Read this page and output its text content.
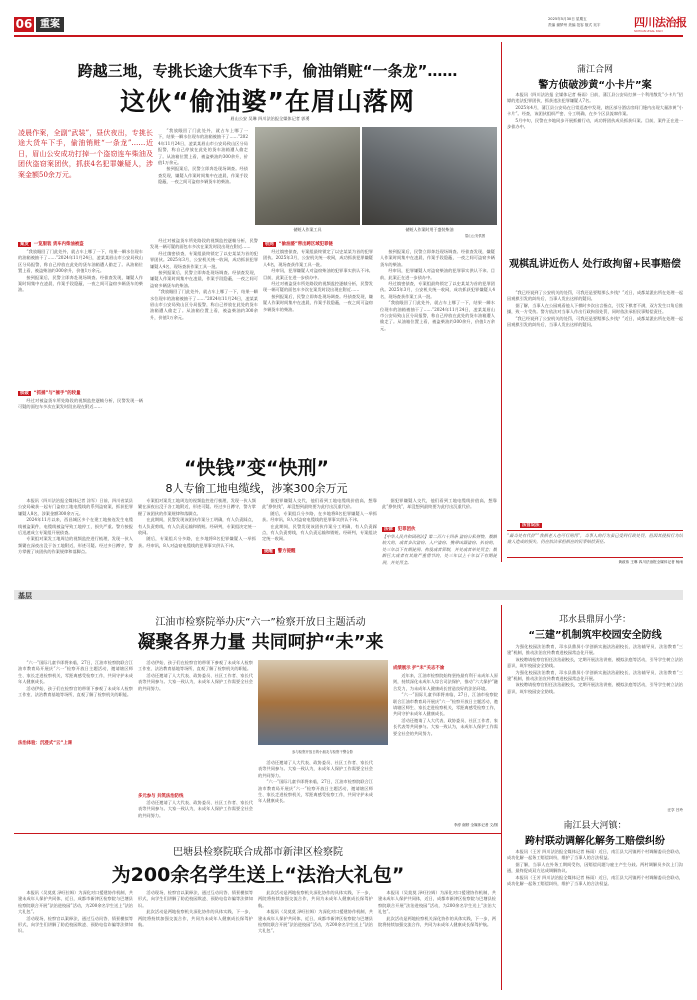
06 重案	2025年5月30日 星期五
责编 谢梦州 美编 范容 版式 吴宇	四川法治报
SICHUAN LEGAL DAILY
跨越三地，专挑长途大货车下手，偷油销赃“一条龙”……
这伙“偷油婆”在眉山落网
眉山公安 吴琳 四川法治报全媒体记者 郭勇
凌晨作案，全副“武装”，昼伏夜出，专挑长途大货车下手，偷油销赃“一条龙”……近日，眉山公安成功打掉一个盗窃连车柴油及团伙盗窃案团伙，抓获4名犯罪嫌疑人，涉案金额50余万元。

“我放眼回了门此处外，就占车上哪了一下，结果一瞬水位现车的油箱被抽干了……”2024年11月24日，凌某某眉山市公安局致山区分局报警，称自己停放在此处的货车油箱遭人偷走了。从油箱位置上看，被盗柴油约300余升，价值1万余元。

接到报案后，民警立即奔赴现场调查。经侦查发现，嫌疑人作案时间集中在凌晨，作案手段隐蔽，一夜之间可盗窃多辆货车的柴油。

储赃人作案工具	储赃人作案时用于盛装柴油
眉山公安供图
案发 一览服装 货车内柴油被盗

“我放眼回了门此处外，就占车上哪了一下，结果一瞬水位现车的油箱被抽干了……”2024年11月24日，凌某某眉山市公安局致山区分局报警，称自己停放在此处的货车油箱遭人偷走了。从油箱位置上看，被盗柴油约300余升，价值1万余元。

接到报案后，民警立即奔赴现场调查。经侦查发现，嫌疑人作案时间集中在凌晨，作案手段隐蔽，一夜之间可盗窃多辆货车的柴油。

侦破 “抓捕”与“摧手”的较量

经过对被盗货车所处路段的视频监控逐帧分析，民警发现一辆可疑的面包车多次在案发时段出现在附近……

经过对被盗货车所处路段的视频监控逐帧分析，民警发现一辆可疑的面包车多次在案发时段出现在附近……

经过缜密侦查，专案组最终锁定了以史某某为首的犯罪团伙。2025年3月，公安机关统一收网，成功抓获犯罪嫌疑人4名，现场查获作案工具一批。

接到报案后，民警立即奔赴现场调查。经侦查发现，嫌疑人作案时间集中在凌晨，作案手段隐蔽，一夜之间可盗窃多辆货车的柴油。

“我放眼回了门此处外，就占车上哪了一下，结果一瞬水位现车的油箱被抽干了……”2024年11月24日，凌某某眉山市公安局致山区分局报警，称自己停放在此处的货车油箱遭人偷走了。从油箱位置上看，被盗柴油约300余升，价值1万余元。

收网 “偷油婆”带出跨区域犯罪链

经过缜密侦查，专案组最终锁定了以史某某为首的犯罪团伙。2025年3月，公安机关统一收网，成功抓获犯罪嫌疑人4名，现场查获作案工具一批。

经审讯，犯罪嫌疑人对盗窃柴油的犯罪事实供认不讳。目前，此案正在进一步侦办中。

经过对被盗货车所处路段的视频监控逐帧分析，民警发现一辆可疑的面包车多次在案发时段出现在附近……

接到报案后，民警立即奔赴现场调查。经侦查发现，嫌疑人作案时间集中在凌晨，作案手段隐蔽，一夜之间可盗窃多辆货车的柴油。

接到报案后，民警立即奔赴现场调查。经侦查发现，嫌疑人作案时间集中在凌晨，作案手段隐蔽，一夜之间可盗窃多辆货车的柴油。

经审讯，犯罪嫌疑人对盗窃柴油的犯罪事实供认不讳。目前，此案正在进一步侦办中。

经过缜密侦查，专案组最终锁定了以史某某为首的犯罪团伙。2025年3月，公安机关统一收网，成功抓获犯罪嫌疑人4名，现场查获作案工具一批。

“我放眼回了门此处外，就占车上哪了一下，结果一瞬水位现车的油箱被抽干了……”2024年11月24日，凌某某眉山市公安局致山区分局报警，称自己停放在此处的货车油箱遭人偷走了。从油箱位置上看，被盗柴油约300余升，价值1万余元。

蒲江合网
警方侦破涉黄“小卡片”案

本报讯（四川法治报 全媒体记者 杨雨）日前，蒲江县公安局打掉一个利用散发“小卡片”招嫖的违法犯罪团伙，抓获违法犯罪嫌疑人7名。

2025年4月，蒲江县公安局在日常巡查中发现，辖区部分酒店房间门缝内出现大量涉黄“小卡片”。经查，该团伙组织严密、分工明确，在多个区县流窜作案。

5月中旬，民警在多地同步开展抓捕行动，成功将团伙成员抓获归案。目前，案件正在进一步侦办中。

观棋乱讲近伤人 处行政拘留+民事赔偿

“我已经说到了公安机关的处罚，可我还是要赔那么多钱？”近日，成都某派出所在处理一起因观棋引发的纠纷后，当事人发出这样的疑问。

据了解，当事人在公园观看他人下棋时多次出言指点，引发下棋者不满，双方发生口角后推搡，致一方受伤。警方依法对当事人作出行政拘留处罚，同时依法承担民事赔偿责任。

“我已经说到了公安机关的处罚，可我还是要赔那么多钱？”近日，成都某派出所在处理一起因观棋引发的纠纷后，当事人发出这样的疑问。

法官说法
“最当处有代价”“我相老人也可行刑罚”，当事人的行为虽已受到行政处罚，但因其侵权行为给他人造成的损失，仍应依法承担相应的民事赔偿责任。
黄政伟 王琳 四川法治报全媒体记者 杨雨
“快钱”变“快刑”
8人专偷工地电缆线，涉案300余万元

本报讯（四川法治报全媒体记者 涂军）日前，四川省某县公安局破获一起专门盗窃工地电缆线的系列盗窃案，抓获犯罪嫌疑人8名，涉案金额300余万元。

2024年11月以来，西昌城区多个在建工地接连发生电缆线被盗案件，电缆线被盗导致工地停工，损失严重。警方接报后迅速成立专案组开展侦查。

专案组对案发工地周边的视频监控进行梳理，发现一伙人频繁在深夜出没于各工地附近，形迹可疑。经过多日蹲守，警方掌握了该团伙的作案规律和落脚点。

专案组对案发工地周边的视频监控进行梳理，发现一伙人频繁在深夜出没于各工地附近，形迹可疑。经过多日蹲守，警方掌握了该团伙的作案规律和落脚点。

在此期间，民警发现该团伙作案分工明确，有人负责踩点，有人负责剪线，有人负责运输和销赃。经研判，专案组决定统一收网。

随后，专案组兵分多路，在多地将8名犯罪嫌疑人一举抓获。经审讯，8人对盗窃电缆线的犯罪事实供认不讳。

据犯罪嫌疑人交代，他们看到工地电缆线价值高，想靠此“挣快钱”，却没想到最终要为此付出沉重代价。

随后，专案组兵分多路，在多地将8名犯罪嫌疑人一举抓获。经审讯，8人对盗窃电缆线的犯罪事实供认不讳。

在此期间，民警发现该团伙作案分工明确，有人负责踩点，有人负责剪线，有人负责运输和销赃。经研判，专案组决定统一收网。

提醒 警方提醒

据犯罪嫌疑人交代，他们看到工地电缆线价值高，想靠此“挣快钱”，却没想到最终要为此付出沉重代价。

法律 犯罪团伙
【中华人民共和国刑法】第二百六十四条 盗窃公私财物，数额较大的，或者多次盗窃、入户盗窃、携带凶器盗窃、扒窃的，处三年以下有期徒刑、拘役或者管制，并处或者单处罚金；数额巨大或者有其他严重情节的，处三年以上十年以下有期徒刑，并处罚金。
基层
江油市检察院举办庆“六一”检察开放日主题活动
凝聚各界力量 共同呵护“未”来

“六一”国际儿童节即将来临，27日，江油市检察院联合江油市教育局开展庆“六一”检察开放日主题活动，邀请辖区师生、家长走进检察机关，零距离感受检察工作，共同守护未成年人健康成长。

活动伊始，孩子们在检察官的带领下参观了未成年人检察工作室、法治教育基地等场所，直观了解了检察机关的职能。

法治体验：沉浸式“云”上课

活动伊始，孩子们在检察官的带领下参观了未成年人检察工作室、法治教育基地等场所，直观了解了检察机关的职能。

活动还邀请了人大代表、政协委员、社区工作者、家长代表等共同参与。大家一致认为，未成年人保护工作需要全社会的共同努力。

多元参与 共筑法治防线

活动还邀请了人大代表、政协委员、社区工作者、家长代表等共同参与。大家一致认为，未成年人保护工作需要全社会的共同努力。

参与检察开放日的小朋友与检察干警合影

活动还邀请了人大代表、政协委员、社区工作者、家长代表等共同参与。大家一致认为，未成年人保护工作需要全社会的共同努力。

“六一”国际儿童节即将来临，27日，江油市检察院联合江油市教育局开展庆“六一”检察开放日主题活动，邀请辖区师生、家长走进检察机关，零距离感受检察工作，共同守护未成年人健康成长。

成绩展示 护“未”关志不渝

近年来，江油市检察院始终坚持最有利于未成年人原则，持续深化未成年人综合司法保护，推动“六大保护”融合发力，为未成年人健康成长营造良好的法治环境。

“六一”国际儿童节即将来临，27日，江油市检察院联合江油市教育局开展庆“六一”检察开放日主题活动，邀请辖区师生、家长走进检察机关，零距离感受检察工作，共同守护未成年人健康成长。

活动还邀请了人大代表、政协委员、社区工作者、家长代表等共同参与。大家一致认为，未成年人保护工作需要全社会的共同努力。

李淳 谢婷 全媒体记者 文/图
邛水县鼎屏小学：
“三建”机制筑牢校园安全防线

为强化校园法治教育，邛水县鼎屏小学创新实施法治副校长、法治辅导员、法治教育“三建”机制，推动法治宣传教育进校园常态化开展。

该校聘请检察官担任法治副校长，定期开展法治讲座、模拟法庭等活动，引导学生树立法治意识，筑牢校园安全防线。

为强化校园法治教育，邛水县鼎屏小学创新实施法治副校长、法治辅导员、法治教育“三建”机制，推动法治宣传教育进校园常态化开展。

该校聘请检察官担任法治副校长，定期开展法治讲座、模拟法庭等活动，引导学生树立法治意识，筑牢校园安全防线。

汪享 吕玲
南江县大河镇：
跨村联动调解化解务工赔偿纠纷

本报讯（王芳 四川法治报全媒体记者 杨雨）近日，南江县大河镇两个村调解委员会联动，成功化解一起务工赔偿纠纷，维护了当事人的合法权益。

据了解，当事人在外务工期间受伤，因赔偿问题与雇主产生分歧。两村调解员多次上门沟通，最终促成双方达成调解协议。

本报讯（王芳 四川法治报全媒体记者 杨雨）近日，南江县大河镇两个村调解委员会联动，成功化解一起务工赔偿纠纷，维护了当事人的合法权益。

巴塘县检察院联合成都市新津区检察院
为200余名学生送上“法治大礼包”

本报讯（吴莫莫 泽旺拉姆）为深化对口援建协作机制，共建未成年人保护共同体，近日，成都市新津区检察院与巴塘县检察院联合开展“法治进校园”活动，为200余名学生送上“法治大礼包”。

活动现场，检察官以案释法，通过互动问答、情景模拟等形式，向学生们讲解了防范校园欺凌、预防电信诈骗等法律知识。

活动现场，检察官以案释法，通过互动问答、情景模拟等形式，向学生们讲解了防范校园欺凌、预防电信诈骗等法律知识。

此次活动是两地检察机关深化协作的具体实践，下一步，两院将持续加强交流合作，共同为未成年人健康成长保驾护航。

此次活动是两地检察机关深化协作的具体实践，下一步，两院将持续加强交流合作，共同为未成年人健康成长保驾护航。

本报讯（吴莫莫 泽旺拉姆）为深化对口援建协作机制，共建未成年人保护共同体，近日，成都市新津区检察院与巴塘县检察院联合开展“法治进校园”活动，为200余名学生送上“法治大礼包”。

本报讯（吴莫莫 泽旺拉姆）为深化对口援建协作机制，共建未成年人保护共同体，近日，成都市新津区检察院与巴塘县检察院联合开展“法治进校园”活动，为200余名学生送上“法治大礼包”。

此次活动是两地检察机关深化协作的具体实践，下一步，两院将持续加强交流合作，共同为未成年人健康成长保驾护航。
